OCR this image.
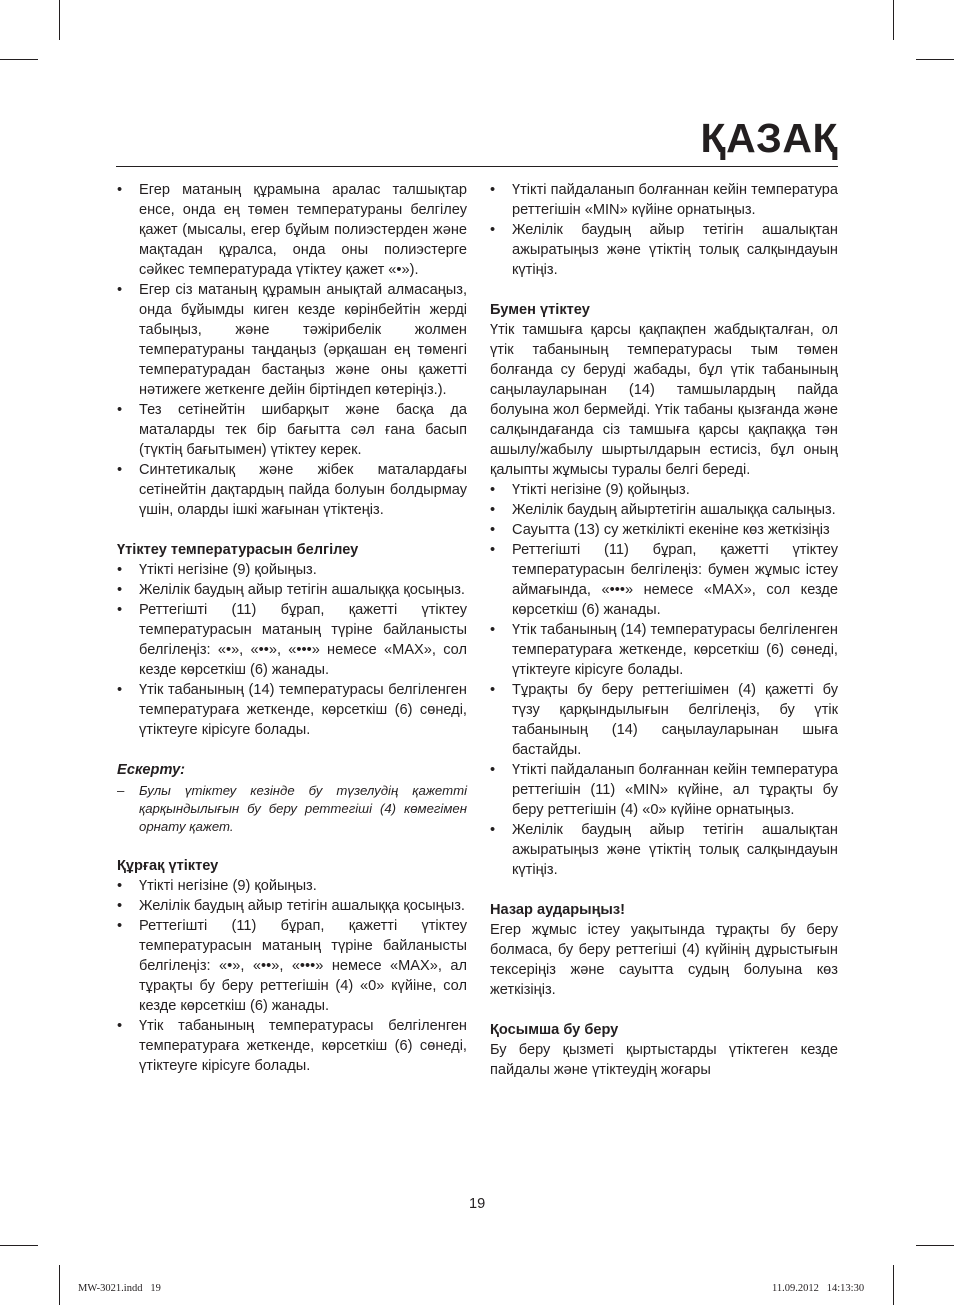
ҚАЗАҚ
• Егер матаның құрамына аралас талшықтар енсе, онда ең төмен температураны белгілеу қажет (мысалы, егер бұйым полиэстерден және мақтадан құралса, онда оны полиэстерге сәйкес температурада үтіктеу қажет «•»).
• Егер сіз матаның құрамын анықтай алмасаңыз, онда бұйымды киген кезде көрінбейтін жерді табыңыз, және тәжірибелік жолмен температураны таңдаңыз (әрқашан ең төменгі температурадан бастаңыз және оны қажетті нәтижеге жеткенге дейін біртіндеп көтеріңіз.).
• Тез сетінейтін шибарқыт және басқа да маталарды тек бір бағытта сәл ғана басып (түктің бағытымен) үтіктеу керек.
• Синтетикалық және жібек маталардағы сетінейтін дақтардың пайда болуын болдырмау үшін, оларды ішкі жағынан үтіктеңіз.

Үтіктеу температурасын белгілеу

• Үтікті негізіне (9) қойыңыз.
• Желілік баудың айыр тетігін ашалыққа қосыңыз.
• Реттегішті (11) бұрап, қажетті үтіктеу температурасын матаның түріне байланысты белгілеңіз: «•», «••», «•••» немесе «MAX», сол кезде көрсеткіш (6) жанады.
• Үтік табанының (14) температурасы белгіленген температураға жеткенде, көрсеткіш (6) сөнеді, үтіктеуге кірісуге болады.

Ескерту:

– Булы үтіктеу кезінде бу түзелудің қажетті қарқындылығын бу беру реттегіші (4) көмегімен орнату қажет.

Құрғақ үтіктеу

• Үтікті негізіне (9) қойыңыз.
• Желілік баудың айыр тетігін ашалыққа қосыңыз.
• Реттегішті (11) бұрап, қажетті үтіктеу температурасын матаның түріне байланысты белгілеңіз: «•», «••», «•••» немесе «MAX», ал тұрақты бу беру реттегішін (4) «0» күйіне, сол кезде көрсеткіш (6) жанады.
• Үтік табанының температурасы белгіленген температураға жеткенде, көрсеткіш (6) сөнеді, үтіктеуге кірісуге болады.
• Үтікті пайдаланып болғаннан кейін температура реттегішін «MIN» күйіне орнатыңыз.
• Желілік баудың айыр тетігін ашалықтан ажыратыңыз және үтіктің толық салқындауын күтіңіз.

Бумен үтіктеу

Үтік тамшыға қарсы қақпақпен жабдықталған, ол үтік табанының температурасы тым төмен болғанда су беруді жабады, бұл үтік табанының саңылауларынан (14) тамшылардың пайда болуына жол бермейді. Үтік табаны қызғанда және салқындағанда сіз тамшыға қарсы қақпаққа тән ашылу/жабылу шыртылдарын естисіз, бұл оның қалыпты жұмысы туралы белгі береді.

• Үтікті негізіне (9) қойыңыз.
• Желілік баудың айыртетігін ашалыққа салыңыз.
• Сауытта (13) су жеткілікті екеніне көз жеткізіңіз
• Реттегішті (11) бұрап, қажетті үтіктеу температурасын белгілеңіз: бумен жұмыс істеу аймағында, «•••» немесе «MAX», сол кезде көрсеткіш (6) жанады.
• Үтік табанының (14) температурасы белгіленген температураға жеткенде, көрсеткіш (6) сөнеді, үтіктеуге кірісуге болады.
• Тұрақты бу беру реттегішімен (4) қажетті бу түзу қарқындылығын белгілеңіз, бу үтік табанының (14) саңылауларынан шыға бастайды.
• Үтікті пайдаланып болғаннан кейін температура реттегішін (11) «MIN» күйіне, ал тұрақты бу беру реттегішін (4) «0» күйіне орнатыңыз.
• Желілік баудың айыр тетігін ашалықтан ажыратыңыз және үтіктің толық салқындауын күтіңіз.

Назар аударыңыз!

Егер жұмыс істеу уақытында тұрақты бу беру болмаса, бу беру реттегіші (4) күйінің дұрыстығын тексеріңіз және сауытта судың болуына көз жеткізіңіз.

Қосымша бу беру

Бу беру қызметі қыртыстарды үтіктеген кезде пайдалы және үтіктеудің жоғары

19
MW-3021.indd   19	11.09.2012   14:13:30
